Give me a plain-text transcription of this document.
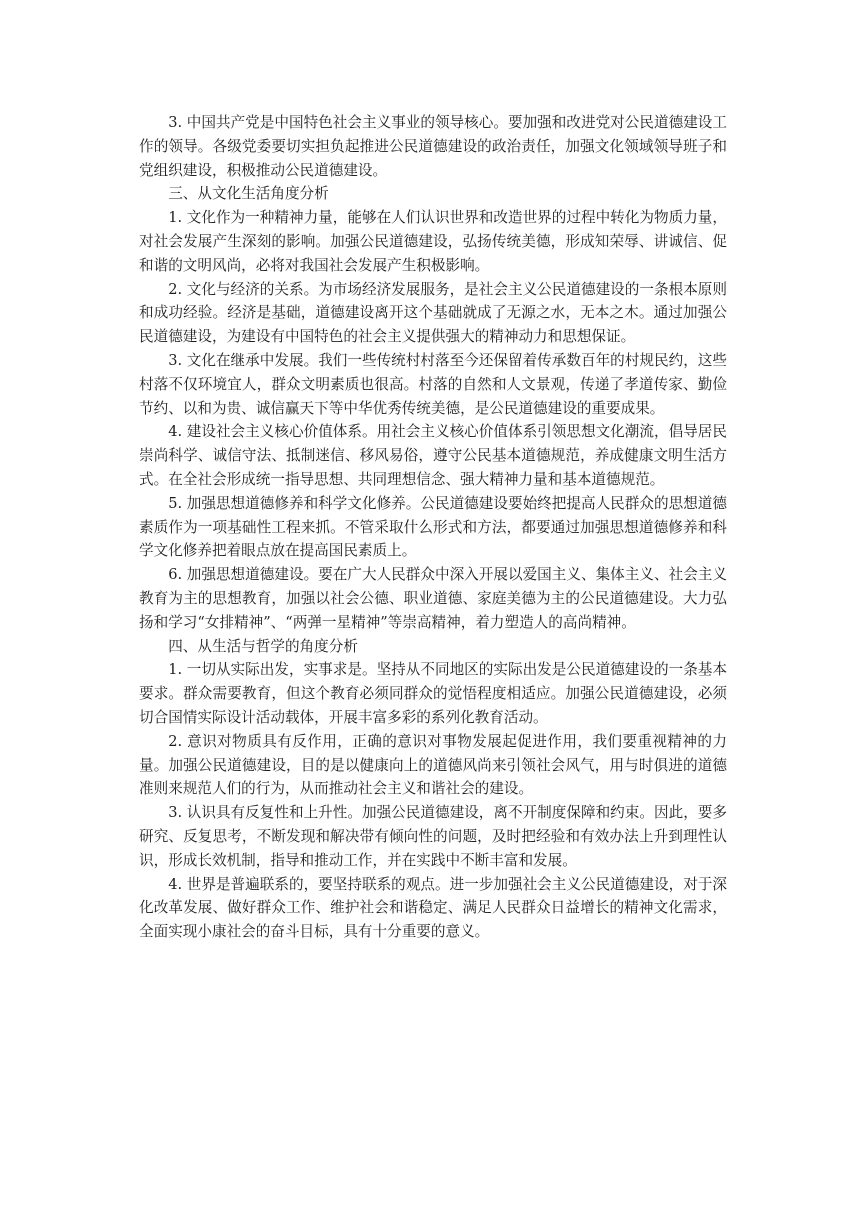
3. 中国共产党是中国特色社会主义事业的领导核心。要加强和改进党对公民道德建设工作的领导。各级党委要切实担负起推进公民道德建设的政治责任，加强文化领域领导班子和党组织建设，积极推动公民道德建设。

三、从文化生活角度分析

1. 文化作为一种精神力量，能够在人们认识世界和改造世界的过程中转化为物质力量，对社会发展产生深刻的影响。加强公民道德建设，弘扬传统美德，形成知荣辱、讲诚信、促和谐的文明风尚，必将对我国社会发展产生积极影响。

2. 文化与经济的关系。为市场经济发展服务，是社会主义公民道德建设的一条根本原则和成功经验。经济是基础，道德建设离开这个基础就成了无源之水，无本之木。通过加强公民道德建设，为建设有中国特色的社会主义提供强大的精神动力和思想保证。

3. 文化在继承中发展。我们一些传统村村落至今还保留着传承数百年的村规民约，这些村落不仅环境宜人，群众文明素质也很高。村落的自然和人文景观，传递了孝道传家、勤俭节约、以和为贵、诚信赢天下等中华优秀传统美德，是公民道德建设的重要成果。

4. 建设社会主义核心价值体系。用社会主义核心价值体系引领思想文化潮流，倡导居民崇尚科学、诚信守法、抵制迷信、移风易俗，遵守公民基本道德规范，养成健康文明生活方式。在全社会形成统一指导思想、共同理想信念、强大精神力量和基本道德规范。

5. 加强思想道德修养和科学文化修养。公民道德建设要始终把提高人民群众的思想道德素质作为一项基础性工程来抓。不管采取什么形式和方法，都要通过加强思想道德修养和科学文化修养把着眼点放在提高国民素质上。

6. 加强思想道德建设。要在广大人民群众中深入开展以爱国主义、集体主义、社会主义教育为主的思想教育，加强以社会公德、职业道德、家庭美德为主的公民道德建设。大力弘扬和学习“女排精神”、“两弹一星精神”等崇高精神，着力塑造人的高尚精神。

四、从生活与哲学的角度分析

1. 一切从实际出发，实事求是。坚持从不同地区的实际出发是公民道德建设的一条基本要求。群众需要教育，但这个教育必须同群众的觉悟程度相适应。加强公民道德建设，必须切合国情实际设计活动载体，开展丰富多彩的系列化教育活动。

2. 意识对物质具有反作用，正确的意识对事物发展起促进作用，我们要重视精神的力量。加强公民道德建设，目的是以健康向上的道德风尚来引领社会风气，用与时俱进的道德准则来规范人们的行为，从而推动社会主义和谐社会的建设。

3. 认识具有反复性和上升性。加强公民道德建设，离不开制度保障和约束。因此，要多研究、反复思考，不断发现和解决带有倾向性的问题，及时把经验和有效办法上升到理性认识，形成长效机制，指导和推动工作，并在实践中不断丰富和发展。

4. 世界是普遍联系的，要坚持联系的观点。进一步加强社会主义公民道德建设，对于深化改革发展、做好群众工作、维护社会和谐稳定、满足人民群众日益增长的精神文化需求，全面实现小康社会的奋斗目标，具有十分重要的意义。
